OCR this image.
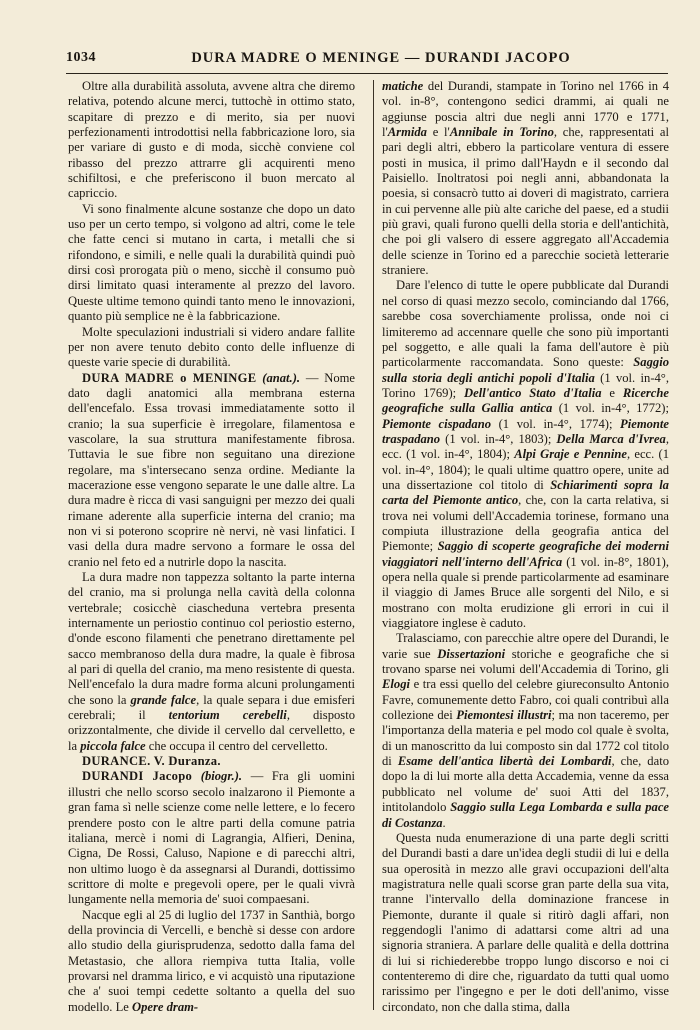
1034	DURA MADRE O MENINGE — DURANDI JACOPO

Oltre alla durabilità assoluta, avvene altra che diremo relativa, potendo alcune merci, tuttochè in ottimo stato, scapitare di prezzo e di merito, sia per nuovi perfezionamenti introdottisi nella fabbricazione loro, sia per variare di gusto e di moda, sicchè conviene col ribasso del prezzo attrarre gli acquirenti meno schifiltosi, e che preferiscono il buon mercato al capriccio.

Vi sono finalmente alcune sostanze che dopo un dato uso per un certo tempo, si volgono ad altri, come le tele che fatte cenci si mutano in carta, i metalli che si rifondono, e simili, e nelle quali la durabilità quindi può dirsi così prorogata più o meno, sicchè il consumo può dirsi limitato quasi interamente al prezzo del lavoro. Queste ultime temono quindi tanto meno le innovazioni, quanto più semplice ne è la fabbricazione.

Molte speculazioni industriali si videro andare fallite per non avere tenuto debito conto delle influenze di queste varie specie di durabilità.

DURA MADRE o MENINGE (anat.). — Nome dato dagli anatomici alla membrana esterna dell'encefalo. Essa trovasi immediatamente sotto il cranio; la sua superficie è irregolare, filamentosa e vascolare, la sua struttura manifestamente fibrosa. Tuttavia le sue fibre non seguitano una direzione regolare, ma s'intersecano senza ordine. Mediante la macerazione esse vengono separate le une dalle altre. La dura madre è ricca di vasi sanguigni per mezzo dei quali rimane aderente alla superficie interna del cranio; ma non vi si poterono scoprire nè nervi, nè vasi linfatici. I vasi della dura madre servono a formare le ossa del cranio nel feto ed a nutrirle dopo la nascita.

La dura madre non tappezza soltanto la parte interna del cranio, ma si prolunga nella cavità della colonna vertebrale; cosicchè ciascheduna vertebra presenta internamente un periostio continuo col periostio esterno, d'onde escono filamenti che penetrano direttamente pel sacco membranoso della dura madre, la quale è fibrosa al pari di quella del cranio, ma meno resistente di questa. Nell'encefalo la dura madre forma alcuni prolungamenti che sono la grande falce, la quale separa i due emisferi cerebrali; il tentorium cerebelli, disposto orizzontalmente, che divide il cervello dal cervelletto, e la piccola falce che occupa il centro del cervelletto.

DURANCE. V. Duranza.

DURANDI Jacopo (biogr.). — Fra gli uomini illustri che nello scorso secolo inalzarono il Piemonte a gran fama sì nelle scienze come nelle lettere, e lo fecero prendere posto con le altre parti della comune patria italiana, mercè i nomi di Lagrangia, Alfieri, Denina, Cigna, De Rossi, Caluso, Napione e di parecchi altri, non ultimo luogo è da assegnarsi al Durandi, dottissimo scrittore di molte e pregevoli opere, per le quali vivrà lungamente nella memoria de' suoi compaesani.

Nacque egli al 25 di luglio del 1737 in Santhià, borgo della provincia di Vercelli, e benchè si desse con ardore allo studio della giurisprudenza, sedotto dalla fama del Metastasio, che allora riempiva tutta Italia, volle provarsi nel dramma lirico, e vi acquistò una riputazione che a' suoi tempi cedette soltanto a quella del suo modello. Le Opere dram-

matiche del Durandi, stampate in Torino nel 1766 in 4 vol. in-8°, contengono sedici drammi, ai quali ne aggiunse poscia altri due negli anni 1770 e 1771, l'Armida e l'Annibale in Torino, che, rappresentati al pari degli altri, ebbero la particolare ventura di essere posti in musica, il primo dall'Haydn e il secondo dal Paisiello. Inoltratosi poi negli anni, abbandonata la poesia, si consacrò tutto ai doveri di magistrato, carriera in cui pervenne alle più alte cariche del paese, ed a studii più gravi, quali furono quelli della storia e dell'antichità, che poi gli valsero di essere aggregato all'Accademia delle scienze in Torino ed a parecchie società letterarie straniere.

Dare l'elenco di tutte le opere pubblicate dal Durandi nel corso di quasi mezzo secolo, cominciando dal 1766, sarebbe cosa soverchiamente prolissa, onde noi ci limiteremo ad accennare quelle che sono più importanti pel soggetto, e alle quali la fama dell'autore è più particolarmente raccomandata. Sono queste: Saggio sulla storia degli antichi popoli d'Italia (1 vol. in-4°, Torino 1769); Dell'antico Stato d'Italia e Ricerche geografiche sulla Gallia antica (1 vol. in-4°, 1772); Piemonte cispadano (1 vol. in-4°, 1774); Piemonte traspadano (1 vol. in-4°, 1803); Della Marca d'Ivrea, ecc. (1 vol. in-4°, 1804); Alpi Graje e Pennine, ecc. (1 vol. in-4°, 1804); le quali ultime quattro opere, unite ad una dissertazione col titolo di Schiarimenti sopra la carta del Piemonte antico, che, con la carta relativa, si trova nei volumi dell'Accademia torinese, formano una compiuta illustrazione della geografia antica del Piemonte; Saggio di scoperte geografiche dei moderni viaggiatori nell'interno dell'Africa (1 vol. in-8°, 1801), opera nella quale si prende particolarmente ad esaminare il viaggio di James Bruce alle sorgenti del Nilo, e si mostrano con molta erudizione gli errori in cui il viaggiatore inglese è caduto.

Tralasciamo, con parecchie altre opere del Durandi, le varie sue Dissertazioni storiche e geografiche che si trovano sparse nei volumi dell'Accademia di Torino, gli Elogi e tra essi quello del celebre giureconsulto Antonio Favre, comunemente detto Fabro, coi quali contribuì alla collezione dei Piemontesi illustri; ma non taceremo, per l'importanza della materia e pel modo col quale è svolta, di un manoscritto da lui composto sin dal 1772 col titolo di Esame dell'antica libertà dei Lombardi, che, dato dopo la di lui morte alla detta Accademia, venne da essa pubblicato nel volume de' suoi Atti del 1837, intitolandolo Saggio sulla Lega Lombarda e sulla pace di Costanza.

Questa nuda enumerazione di una parte degli scritti del Durandi basti a dare un'idea degli studii di lui e della sua operosità in mezzo alle gravi occupazioni dell'alta magistratura nelle quali scorse gran parte della sua vita, tranne l'intervallo della dominazione francese in Piemonte, durante il quale si ritirò dagli affari, non reggendogli l'animo di adattarsi come altri ad una signoria straniera. A parlare delle qualità e della dottrina di lui si richiederebbe troppo lungo discorso e noi ci contenteremo di dire che, riguardato da tutti qual uomo rarissimo per l'ingegno e per le doti dell'animo, visse circondato, non che dalla stima, dalla
